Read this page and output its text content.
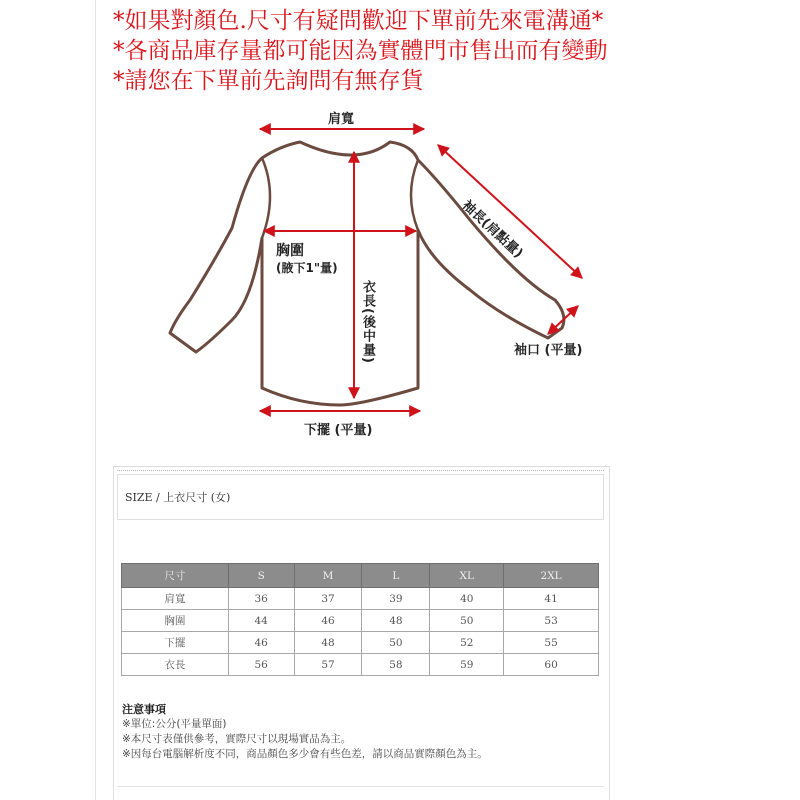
*如果對顏色.尺寸有疑問歡迎下單前先來電溝通*
*各商品庫存量都可能因為實體門市售出而有變動
*請您在下單前先詢問有無存貨
肩寬
袖長(肩點量)
胸圍
(腋下1"量)
衣長(後中量)	袖口 (平量)
下擺 (平量)
SIZE / 上衣尺寸 (女)
尺寸	S	M	L	XL	2XL
肩寬	36	37	39	40	41
胸圍	44	46	48	50	53
下擺	46	48	50	52	55
衣長	56	57	58	59	60
注意事項
※單位:公分(平量單面)
※本尺寸表僅供參考，實際尺寸以現場實品為主。
※因每台電腦解析度不同，商品顏色多少會有些色差，請以商品實際顏色為主。
